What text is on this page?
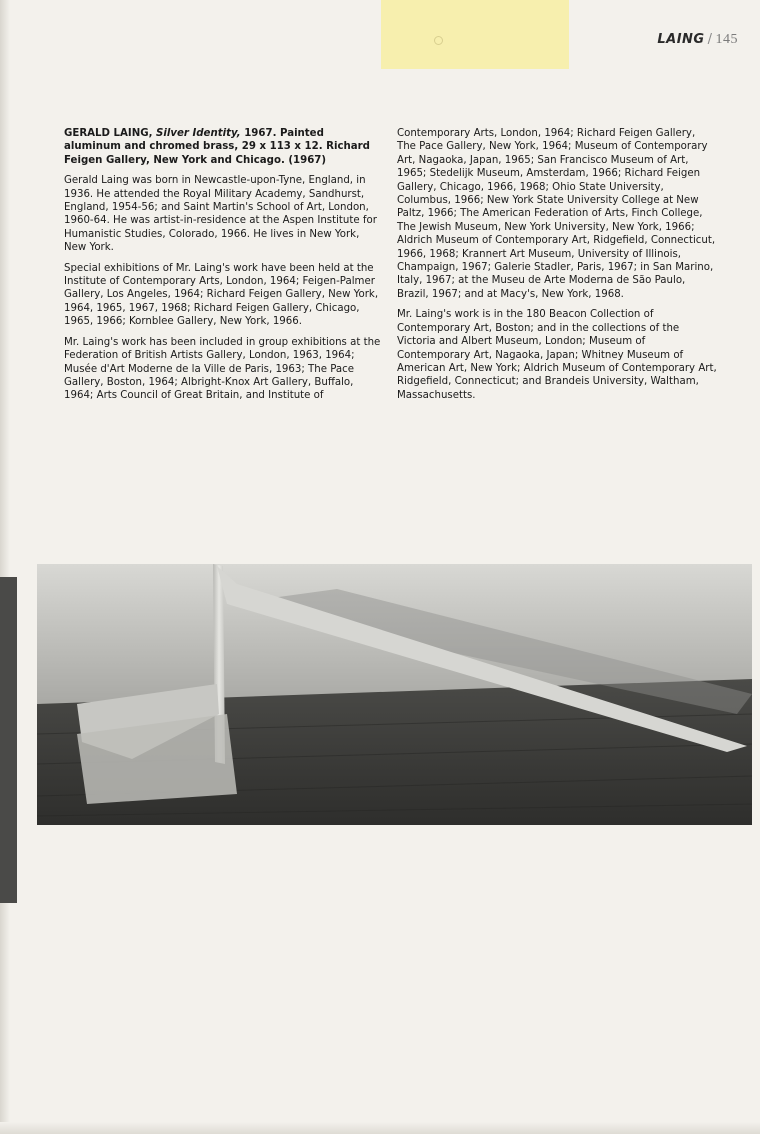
LAING / 145

GERALD LAING, Silver Identity, 1967. Painted aluminum and chromed brass, 29 x 113 x 12. Richard Feigen Gallery, New York and Chicago. (1967)

Gerald Laing was born in Newcastle-upon-Tyne, England, in 1936. He attended the Royal Military Academy, Sandhurst, England, 1954-56; and Saint Martin's School of Art, London, 1960-64. He was artist-in-residence at the Aspen Institute for Humanistic Studies, Colorado, 1966. He lives in New York, New York.

Special exhibitions of Mr. Laing's work have been held at the Institute of Contemporary Arts, London, 1964; Feigen-Palmer Gallery, Los Angeles, 1964; Richard Feigen Gallery, New York, 1964, 1965, 1967, 1968; Richard Feigen Gallery, Chicago, 1965, 1966; Kornblee Gallery, New York, 1966.

Mr. Laing's work has been included in group exhibitions at the Federation of British Artists Gallery, London, 1963, 1964; Musée d'Art Moderne de la Ville de Paris, 1963; The Pace Gallery, Boston, 1964; Albright-Knox Art Gallery, Buffalo, 1964; Arts Council of Great Britain, and Institute of

Contemporary Arts, London, 1964; Richard Feigen Gallery, The Pace Gallery, New York, 1964; Museum of Contemporary Art, Nagaoka, Japan, 1965; San Francisco Museum of Art, 1965; Stedelijk Museum, Amsterdam, 1966; Richard Feigen Gallery, Chicago, 1966, 1968; Ohio State University, Columbus, 1966; New York State University College at New Paltz, 1966; The American Federation of Arts, Finch College, The Jewish Museum, New York University, New York, 1966; Aldrich Museum of Contemporary Art, Ridgefield, Connecticut, 1966, 1968; Krannert Art Museum, University of Illinois, Champaign, 1967; Galerie Stadler, Paris, 1967; in San Marino, Italy, 1967; at the Museu de Arte Moderna de São Paulo, Brazil, 1967; and at Macy's, New York, 1968.

Mr. Laing's work is in the 180 Beacon Collection of Contemporary Art, Boston; and in the collections of the Victoria and Albert Museum, London; Museum of Contemporary Art, Nagaoka, Japan; Whitney Museum of American Art, New York; Aldrich Museum of Contemporary Art, Ridgefield, Connecticut; and Brandeis University, Waltham, Massachusetts.
